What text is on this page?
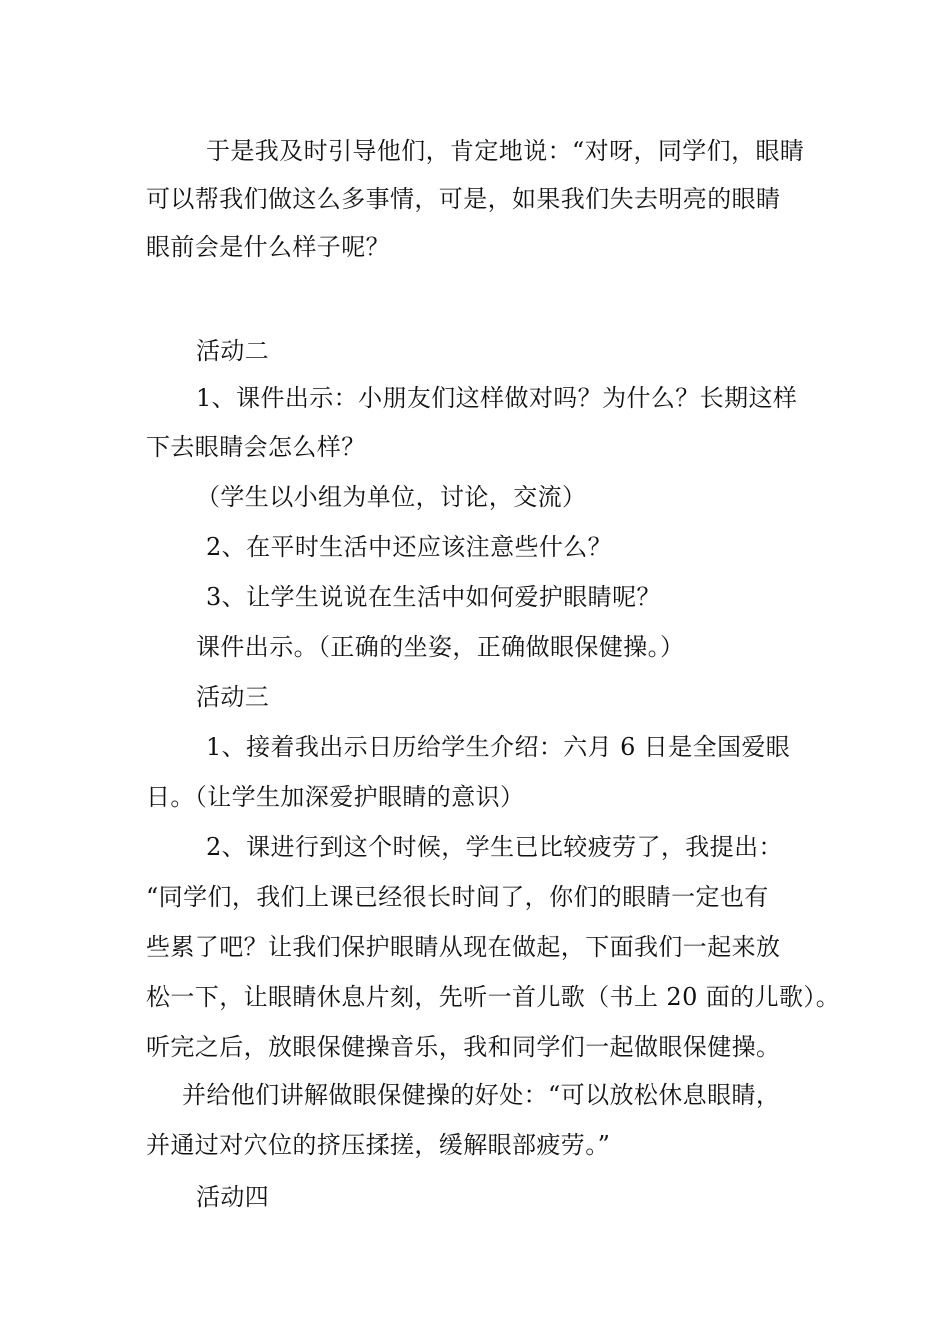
于是我及时引导他们，肯定地说：“对呀，同学们，眼睛
可以帮我们做这么多事情，可是，如果我们失去明亮的眼睛
眼前会是什么样子呢？
活动二
1、课件出示：小朋友们这样做对吗？为什么？长期这样
下去眼睛会怎么样？
（学生以小组为单位，讨论，交流）
2、在平时生活中还应该注意些什么？
3、让学生说说在生活中如何爱护眼睛呢？
课件出示。（正确的坐姿，正确做眼保健操。）
活动三
1、接着我出示日历给学生介绍：六月 6 日是全国爱眼
日。（让学生加深爱护眼睛的意识）
2、课进行到这个时候，学生已比较疲劳了，我提出：
“同学们，我们上课已经很长时间了，你们的眼睛一定也有
些累了吧？让我们保护眼睛从现在做起，下面我们一起来放
松一下，让眼睛休息片刻，先听一首儿歌（书上 20 面的儿歌）。
听完之后，放眼保健操音乐，我和同学们一起做眼保健操。
并给他们讲解做眼保健操的好处：“可以放松休息眼睛，
并通过对穴位的挤压揉搓，缓解眼部疲劳。”
活动四
